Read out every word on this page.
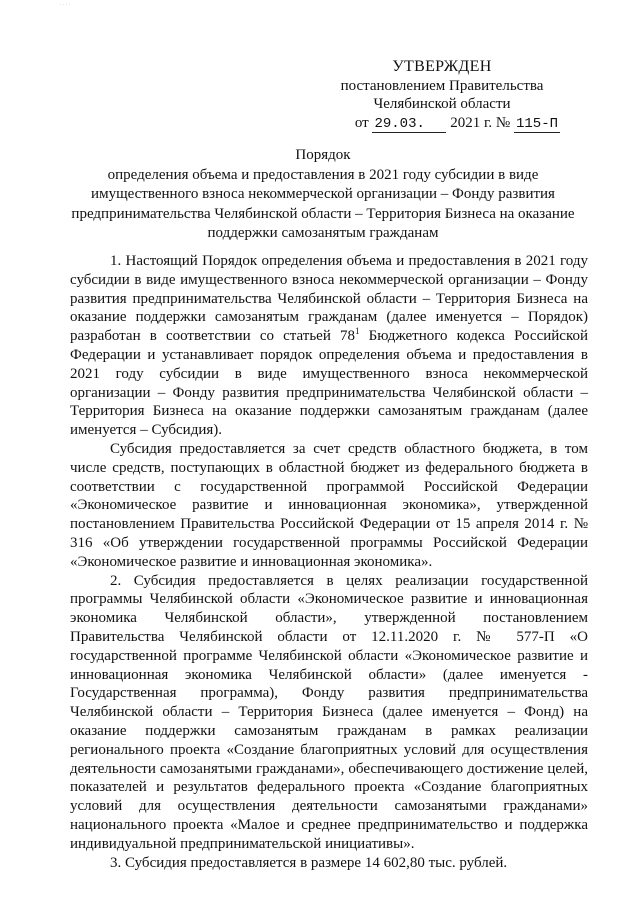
· · · ·
УТВЕРЖДЕН
постановлением Правительства
Челябинской области
от 29.03. 2021 г. № 115-П
Порядок
определения объема и предоставления в 2021 году субсидии в виде
имущественного взноса некоммерческой организации – Фонду развития
предпринимательства Челябинской области – Территория Бизнеса на оказание
поддержки самозанятым гражданам

1. Настоящий Порядок определения объема и предоставления в 2021 году субсидии в виде имущественного взноса некоммерческой организации – Фонду развития предпринимательства Челябинской области – Территория Бизнеса на оказание поддержки самозанятым гражданам (далее именуется – Порядок) разработан в соответствии со статьей $78^1$ Бюджетного кодекса Российской Федерации и устанавливает порядок определения объема и предоставления в 2021 году субсидии в виде имущественного взноса некоммерческой организации – Фонду развития предпринимательства Челябинской области – Территория Бизнеса на оказание поддержки самозанятым гражданам (далее именуется – Субсидия).

Субсидия предоставляется за счет средств областного бюджета, в том числе средств, поступающих в областной бюджет из федерального бюджета в соответствии с государственной программой Российской Федерации «Экономическое развитие и инновационная экономика», утвержденной постановлением Правительства Российской Федерации от 15 апреля 2014 г. № 316 «Об утверждении государственной программы Российской Федерации «Экономическое развитие и инновационная экономика».

2. Субсидия предоставляется в целях реализации государственной программы Челябинской области «Экономическое развитие и инновационная экономика Челябинской области», утвержденной постановлением Правительства Челябинской области от 12.11.2020 г. № 577-П «О государственной программе Челябинской области «Экономическое развитие и инновационная экономика Челябинской области» (далее именуется - Государственная программа), Фонду развития предпринимательства Челябинской области – Территория Бизнеса (далее именуется – Фонд) на оказание поддержки самозанятым гражданам в рамках реализации регионального проекта «Создание благоприятных условий для осуществления деятельности самозанятыми гражданами», обеспечивающего достижение целей, показателей и результатов федерального проекта «Создание благоприятных условий для осуществления деятельности самозанятыми гражданами» национального проекта «Малое и среднее предпринимательство и поддержка индивидуальной предпринимательской инициативы».

3. Субсидия предоставляется в размере 14 602,80 тыс. рублей.
